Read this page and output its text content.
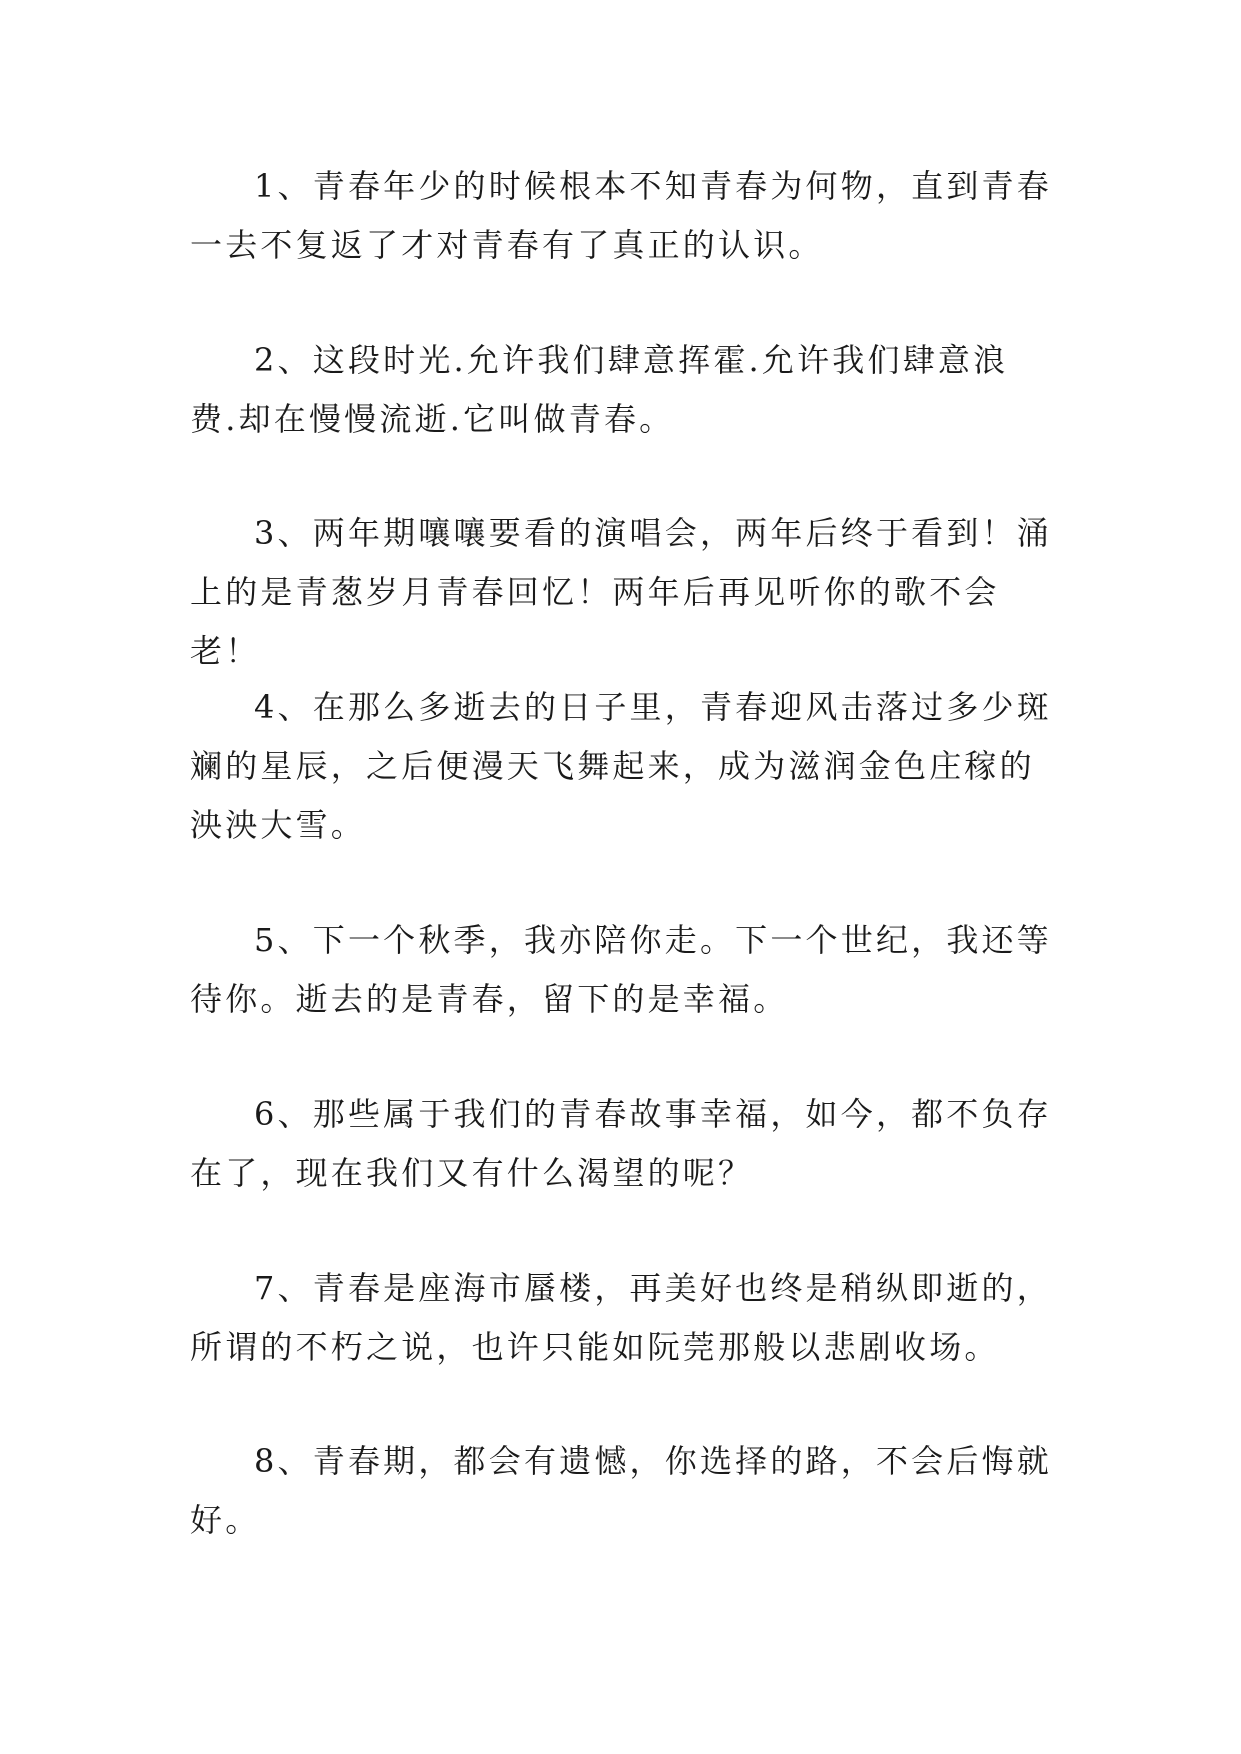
1、青春年少的时候根本不知青春为何物，直到青春一去不复返了才对青春有了真正的认识。

2、这段时光.允许我们肆意挥霍.允许我们肆意浪费.却在慢慢流逝.它叫做青春。

3、两年期嚷嚷要看的演唱会，两年后终于看到！涌上的是青葱岁月青春回忆！两年后再见听你的歌不会老！

4、在那么多逝去的日子里，青春迎风击落过多少斑斓的星辰，之后便漫天飞舞起来，成为滋润金色庄稼的泱泱大雪。

5、下一个秋季，我亦陪你走。下一个世纪，我还等待你。逝去的是青春，留下的是幸福。

6、那些属于我们的青春故事幸福，如今，都不负存在了，现在我们又有什么渴望的呢？

7、青春是座海市蜃楼，再美好也终是稍纵即逝的，所谓的不朽之说，也许只能如阮莞那般以悲剧收场。

8、青春期，都会有遗憾，你选择的路，不会后悔就好。
